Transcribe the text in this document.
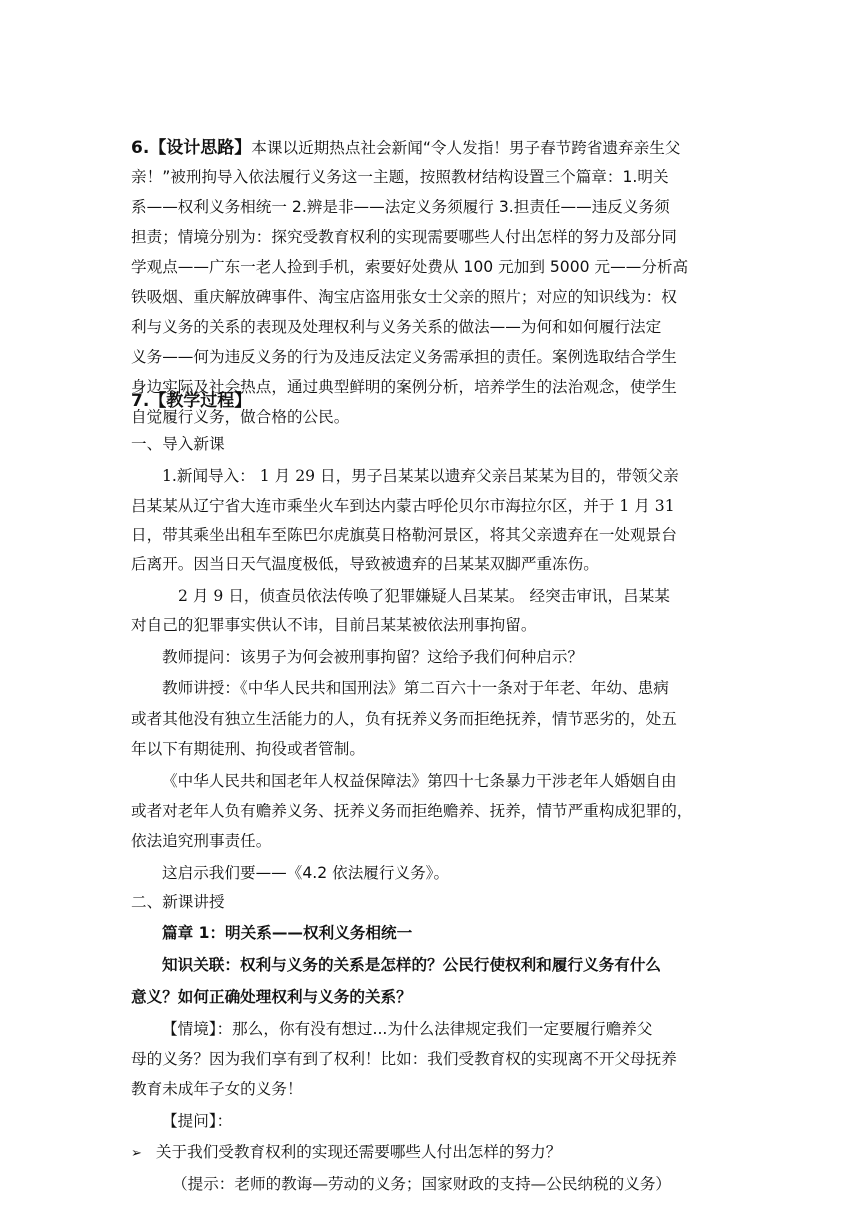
6.【设计思路】本课以近期热点社会新闻“令人发指！男子春节跨省遗弃亲生父
亲！”被刑拘导入依法履行义务这一主题，按照教材结构设置三个篇章：1.明关
系——权利义务相统一 2.辨是非——法定义务须履行 3.担责任——违反义务须
担责；情境分别为：探究受教育权利的实现需要哪些人付出怎样的努力及部分同
学观点——广东一老人捡到手机，索要好处费从 100 元加到 5000 元——分析高
铁吸烟、重庆解放碑事件、淘宝店盗用张女士父亲的照片；对应的知识线为：权
利与义务的关系的表现及处理权利与义务关系的做法——为何和如何履行法定
义务——何为违反义务的行为及违反法定义务需承担的责任。案例选取结合学生
身边实际及社会热点，通过典型鲜明的案例分析，培养学生的法治观念，使学生
自觉履行义务，做合格的公民。
7.【教学过程】
一、导入新课
1.新闻导入： 1 月 29 日，男子吕某某以遗弃父亲吕某某为目的，带领父亲
吕某某从辽宁省大连市乘坐火车到达内蒙古呼伦贝尔市海拉尔区，并于 1 月 31
日，带其乘坐出租车至陈巴尔虎旗莫日格勒河景区，将其父亲遗弃在一处观景台
后离开。因当日天气温度极低，导致被遗弃的吕某某双脚严重冻伤。
2 月 9 日，侦查员依法传唤了犯罪嫌疑人吕某某。 经突击审讯，吕某某
对自己的犯罪事实供认不讳，目前吕某某被依法刑事拘留。
教师提问：该男子为何会被刑事拘留？这给予我们何种启示？
教师讲授：《中华人民共和国刑法》第二百六十一条对于年老、年幼、患病
或者其他没有独立生活能力的人，负有抚养义务而拒绝抚养，情节恶劣的，处五
年以下有期徒刑、拘役或者管制。
《中华人民共和国老年人权益保障法》第四十七条暴力干涉老年人婚姻自由
或者对老年人负有赡养义务、抚养义务而拒绝赡养、抚养，情节严重构成犯罪的，
依法追究刑事责任。
这启示我们要——《4.2 依法履行义务》。
二、新课讲授
篇章 1：明关系——权利义务相统一
知识关联：权利与义务的关系是怎样的？公民行使权利和履行义务有什么
意义？如何正确处理权利与义务的关系？
【情境】：那么，你有没有想过...为什么法律规定我们一定要履行赡养父
母的义务？因为我们享有到了权利！比如：我们受教育权的实现离不开父母抚养
教育未成年子女的义务！
【提问】：
➢ 关于我们受教育权利的实现还需要哪些人付出怎样的努力？
（提示：老师的教诲—劳动的义务；国家财政的支持—公民纳税的义务）
